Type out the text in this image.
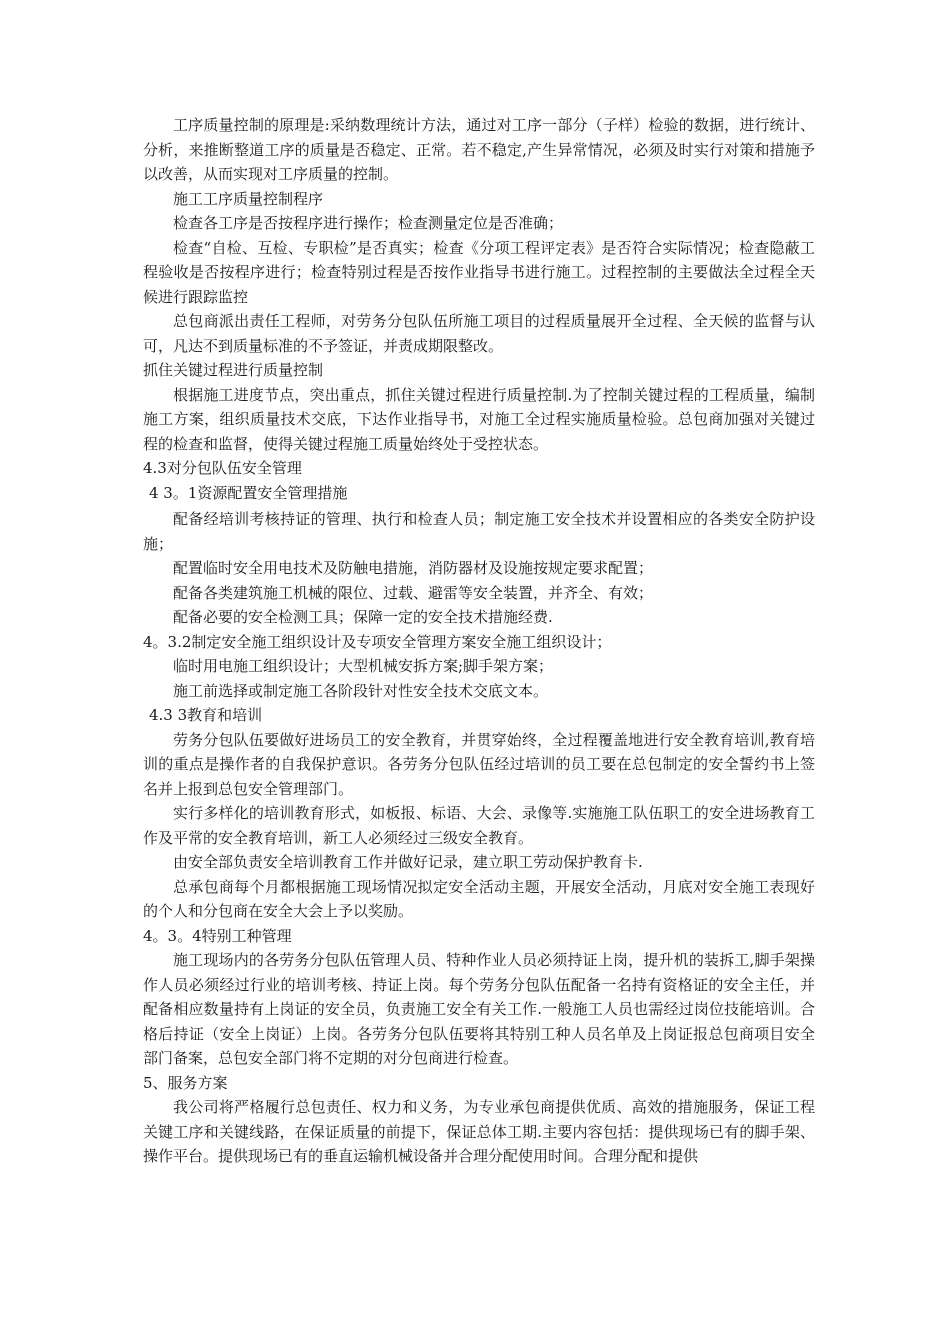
工序质量控制的原理是:采纳数理统计方法，通过对工序一部分（子样）检验的数据，进行统计、分析，来推断整道工序的质量是否稳定、正常。若不稳定,产生异常情况，必须及时实行对策和措施予以改善，从而实现对工序质量的控制。

施工工序质量控制程序

检查各工序是否按程序进行操作；检查测量定位是否准确；

检查“自检、互检、专职检”是否真实；检查《分项工程评定表》是否符合实际情况；检查隐蔽工程验收是否按程序进行；检查特别过程是否按作业指导书进行施工。过程控制的主要做法全过程全天候进行跟踪监控

总包商派出责任工程师，对劳务分包队伍所施工项目的过程质量展开全过程、全天候的监督与认可，凡达不到质量标准的不予签证，并责成期限整改。

抓住关键过程进行质量控制

根据施工进度节点，突出重点，抓住关键过程进行质量控制.为了控制关键过程的工程质量，编制施工方案，组织质量技术交底，下达作业指导书，对施工全过程实施质量检验。总包商加强对关键过程的检查和监督，使得关键过程施工质量始终处于受控状态。

4.3对分包队伍安全管理

4 3。1资源配置安全管理措施

配备经培训考核持证的管理、执行和检查人员；制定施工安全技术并设置相应的各类安全防护设施；

配置临时安全用电技术及防触电措施，消防器材及设施按规定要求配置；

配备各类建筑施工机械的限位、过载、避雷等安全装置，并齐全、有效；

配备必要的安全检测工具；保障一定的安全技术措施经费.

4。3.2制定安全施工组织设计及专项安全管理方案安全施工组织设计；

临时用电施工组织设计；大型机械安拆方案;脚手架方案；

施工前选择或制定施工各阶段针对性安全技术交底文本。

4.3 3教育和培训

劳务分包队伍要做好进场员工的安全教育，并贯穿始终，全过程覆盖地进行安全教育培训,教育培训的重点是操作者的自我保护意识。各劳务分包队伍经过培训的员工要在总包制定的安全誓约书上签名并上报到总包安全管理部门。

实行多样化的培训教育形式，如板报、标语、大会、录像等.实施施工队伍职工的安全进场教育工作及平常的安全教育培训，新工人必须经过三级安全教育。

由安全部负责安全培训教育工作并做好记录，建立职工劳动保护教育卡.

总承包商每个月都根据施工现场情况拟定安全活动主题，开展安全活动，月底对安全施工表现好的个人和分包商在安全大会上予以奖励。

4。3。4特别工种管理

施工现场内的各劳务分包队伍管理人员、特种作业人员必须持证上岗，提升机的装拆工,脚手架操作人员必须经过行业的培训考核、持证上岗。每个劳务分包队伍配备一名持有资格证的安全主任，并配备相应数量持有上岗证的安全员，负责施工安全有关工作.一般施工人员也需经过岗位技能培训。合格后持证（安全上岗证）上岗。各劳务分包队伍要将其特别工种人员名单及上岗证报总包商项目安全部门备案，总包安全部门将不定期的对分包商进行检查。

5、服务方案

我公司将严格履行总包责任、权力和义务，为专业承包商提供优质、高效的措施服务，保证工程关键工序和关键线路，在保证质量的前提下，保证总体工期.主要内容包括：提供现场已有的脚手架、操作平台。提供现场已有的垂直运输机械设备并合理分配使用时间。合理分配和提供
